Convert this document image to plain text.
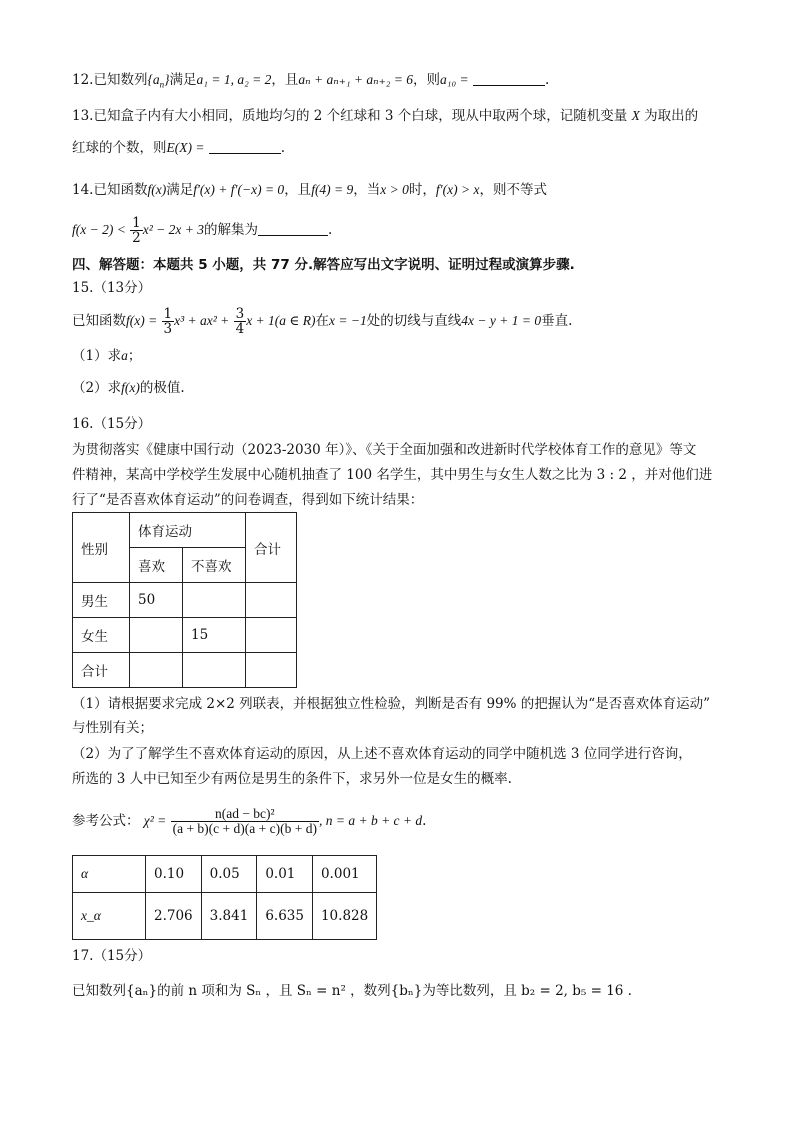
12.已知数列$\{a_n\}$满足a₁ = 1, a₂ = 2，且aₙ + aₙ₊₁ + aₙ₊₂ = 6，则a₁₀ =	.
13.已知盒子内有大小相同，质地均匀的 2 个红球和 3 个白球，现从中取两个球，记随机变量 X 为取出的
红球的个数，则E(X) =	.
14.已知函数f(x)满足f′(x) + f′(−x) = 0，且f(4) = 9，当x > 0时，f′(x) > x，则不等式
$f(x - 2) < \frac{1}{2} x^2 - 2x + 3$的解集为	.
四、解答题：本题共 5 小题，共 77 分.解答应写出文字说明、证明过程或演算步骤.
15.（13分）
已知函数$f(x) = \frac{1}{3} x^3 + ax^2 + \frac{3}{4}$ x + 1(a ∈ R)在x = −1处的切线与直线4x − y + 1 = 0垂直.
（1）求a；
（2）求f(x)的极值.
16.（15分）
为贯彻落实《健康中国行动（2023-2030 年）》、《关于全面加强和改进新时代学校体育工作的意见》等文
件精神，某高中学校学生发展中心随机抽查了 100 名学生，其中男生与女生人数之比为 3 : 2 ，并对他们进
行了“是否喜欢体育运动”的问卷调查，得到如下统计结果：
性别	体育运动		合计
	喜欢	不喜欢	
男生	50		
女生		15	
合计			
（1）请根据要求完成 2×2 列联表，并根据独立性检验，判断是否有 99% 的把握认为“是否喜欢体育运动”
与性别有关；
（2）为了了解学生不喜欢体育运动的原因，从上述不喜欢体育运动的同学中随机选 3 位同学进行咨询，
所选的 3 人中已知至少有两位是男生的条件下，求另外一位是女生的概率.
参考公式： $\chi^2 = \frac{\text{n(ad − bc)²}}{(a + b)(c + d)(a + c)(b + d)}$ , n = a + b + c + d.
α	0.10	0.05	0.01	0.001
x_α	2.706	3.841	6.635	10.828
17.（15分）
已知数列{aₙ}的前 n 项和为 Sₙ ，且 Sₙ = n² ，数列{bₙ}为等比数列，且 b₂ = 2, b₅ = 16 .
